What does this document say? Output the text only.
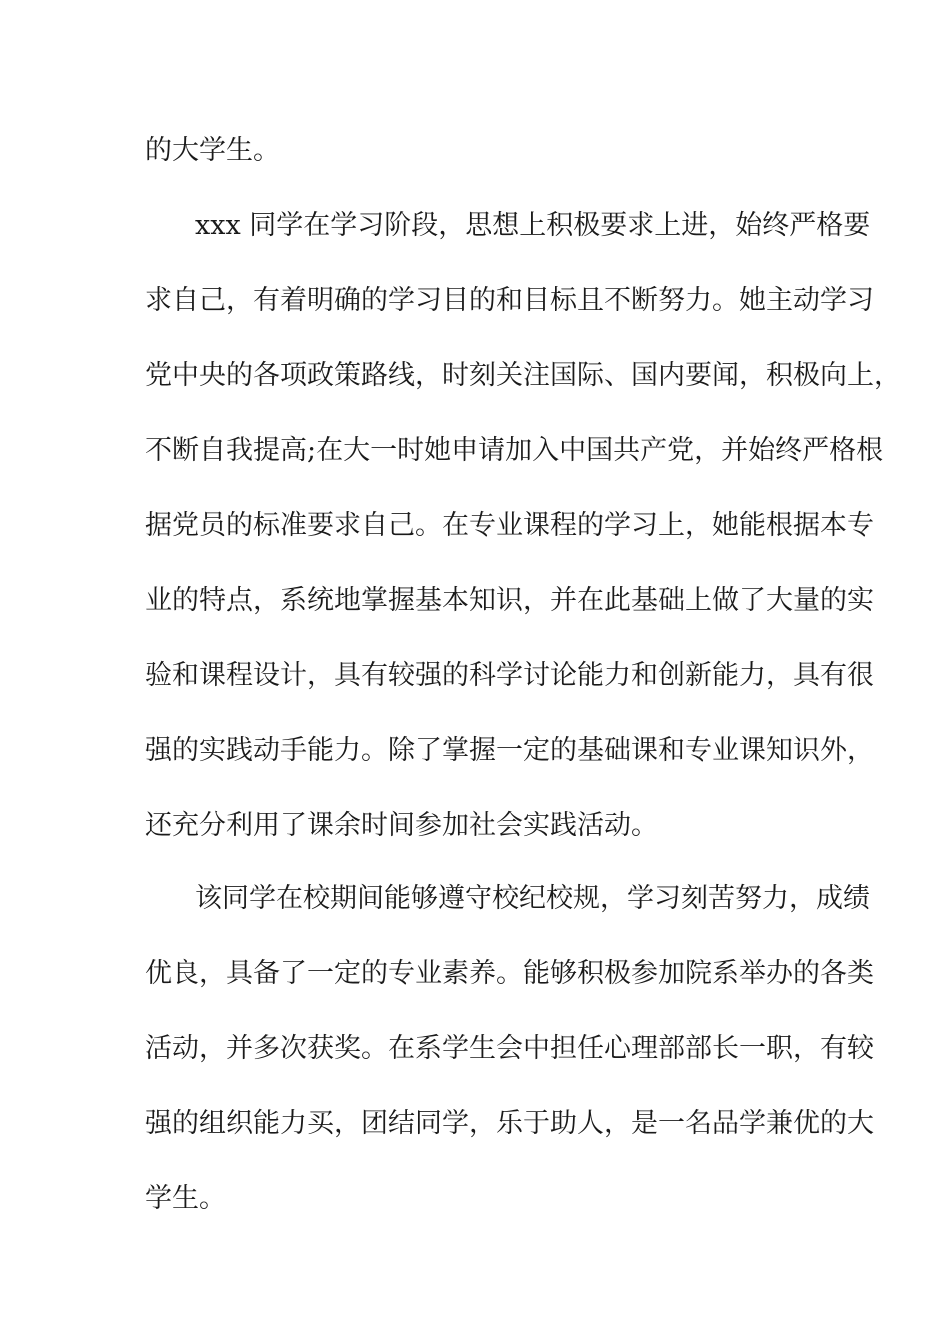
的大学生。
xxx 同学在学习阶段，思想上积极要求上进，始终严格要
求自己，有着明确的学习目的和目标且不断努力。她主动学习
党中央的各项政策路线，时刻关注国际、国内要闻，积极向上，
不断自我提高;在大一时她申请加入中国共产党，并始终严格根
据党员的标准要求自己。在专业课程的学习上，她能根据本专
业的特点，系统地掌握基本知识，并在此基础上做了大量的实
验和课程设计，具有较强的科学讨论能力和创新能力，具有很
强的实践动手能力。除了掌握一定的基础课和专业课知识外，
还充分利用了课余时间参加社会实践活动。
该同学在校期间能够遵守校纪校规，学习刻苦努力，成绩
优良，具备了一定的专业素养。能够积极参加院系举办的各类
活动，并多次获奖。在系学生会中担任心理部部长一职，有较
强的组织能力买，团结同学，乐于助人，是一名品学兼优的大
学生。
